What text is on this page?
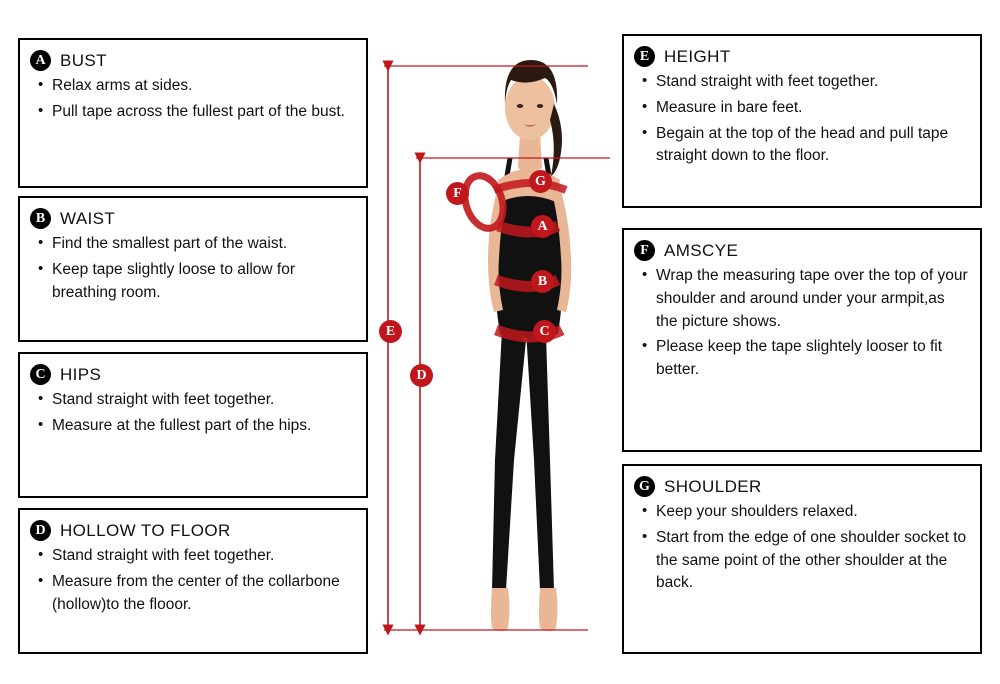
A BUST
• Relax arms at sides.
• Pull tape across the fullest part of the bust.
B WAIST
• Find the smallest part of the waist.
• Keep tape slightly loose to allow for breathing room.
C HIPS
• Stand straight with feet together.
• Measure at the fullest part of the hips.
D HOLLOW TO FLOOR
• Stand straight with feet together.
• Measure from the center of the collarbone (hollow)to the flooor.
E HEIGHT
• Stand straight with feet together.
• Measure in bare feet.
• Begain at the top of the head and pull tape straight down to the floor.
F AMSCYE
• Wrap the measuring tape over the top of your shoulder and around under your armpit,as the picture shows.
• Please keep the tape slightely looser to fit better.
G SHOULDER
• Keep your shoulders relaxed.
• Start from the edge of one shoulder socket to the same point of the other shoulder at the back.
A
B
C
D
E
F
G
